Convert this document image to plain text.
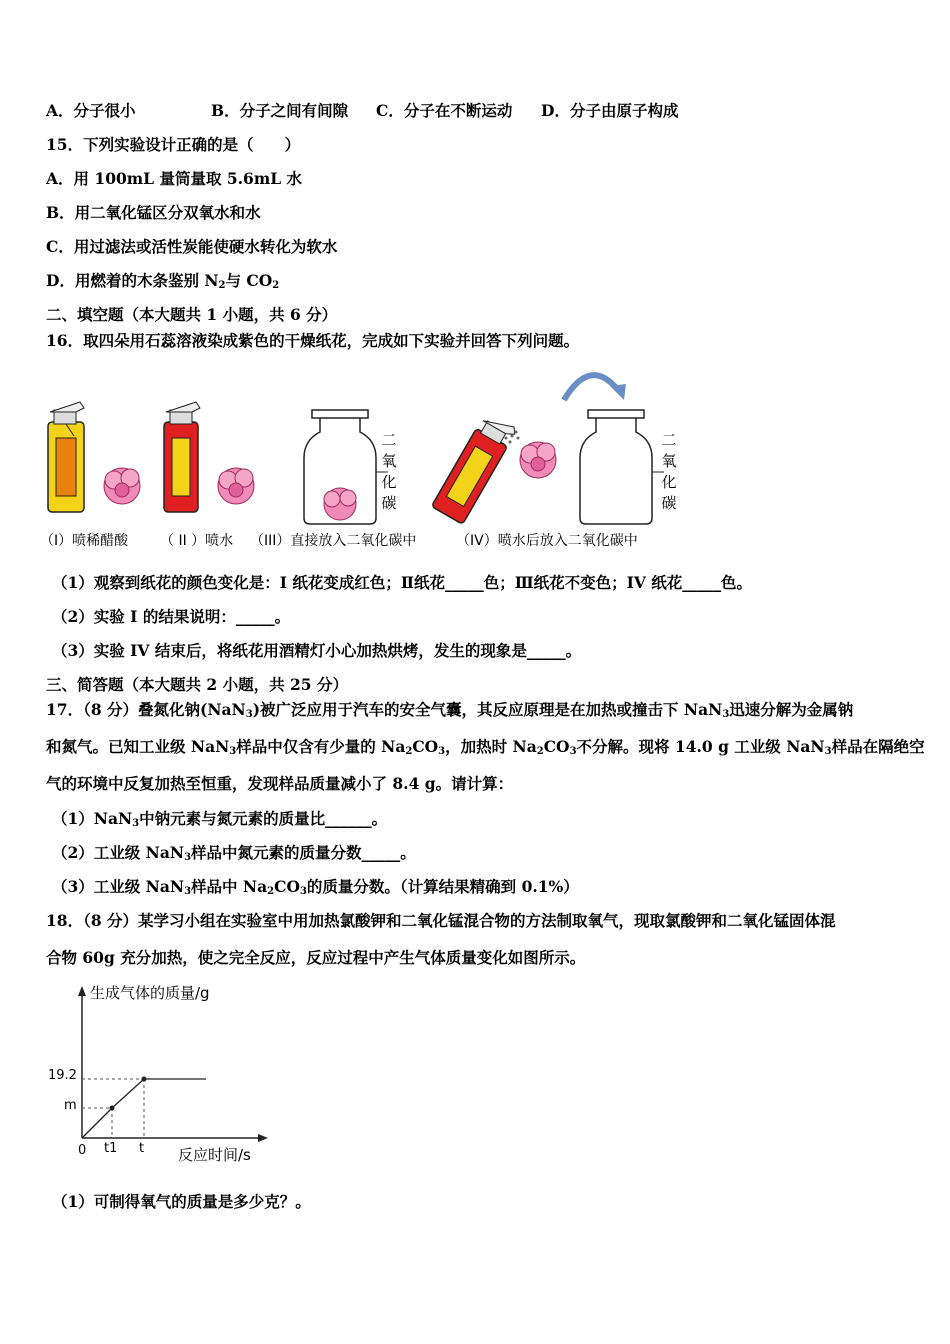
A．分子很小	B．分子之间有间隙 C．分子在不断运动 D．分子由原子构成
15．下列实验设计正确的是（　　）
A．用 100mL 量筒量取 5.6mL 水
B．用二氧化锰区分双氧水和水
C．用过滤法或活性炭能使硬水转化为软水
D．用燃着的木条鉴别 $N_2$与 $CO_2$
二、填空题（本大题共 1 小题，共 6 分）
16．取四朵用石蕊溶液染成紫色的干燥纸花，完成如下实验并回答下列问题。
二
氧
化
碳
二
氧
化
碳
（I）喷稀醋酸 （ II ）喷水 （III）直接放入二氧化碳中	（IV）喷水后放入二氧化碳中
（1）观察到纸花的颜色变化是：I 纸花变成红色；Ⅱ纸花_____色；Ⅲ纸花不变色；IV 纸花_____色。
（2）实验 I 的结果说明：_____。
（3）实验 IV 结束后，将纸花用酒精灯小心加热烘烤，发生的现象是_____。
三、简答题（本大题共 2 小题，共 25 分）
17．（8 分）叠氮化钠(NaN$_3$)被广泛应用于汽车的安全气囊，其反应原理是在加热或撞击下 NaN$_3$迅速分解为金属钠
和氮气。已知工业级 NaN$_3$样品中仅含有少量的 $Na_2CO_3$，加热时 $Na_2CO_3$不分解。现将 14.0 g 工业级 NaN$_3$样品在隔绝空
气的环境中反复加热至恒重，发现样品质量减小了 8.4 g。请计算：
（1）NaN$_3$中钠元素与氮元素的质量比______。
（2）工业级 NaN$_3$样品中氮元素的质量分数_____。
（3）工业级 NaN$_3$样品中 $Na_2CO_3$的质量分数。（计算结果精确到 0.1%）
18．（8 分）某学习小组在实验室中用加热氯酸钾和二氧化锰混合物的方法制取氧气，现取氯酸钾和二氧化锰固体混
合物 60g 充分加热，使之完全反应，反应过程中产生气体质量变化如图所示。
生成气体的质量/g
反应时间/s
0 t1 t
m
19.2
（1）可制得氧气的质量是多少克？。
